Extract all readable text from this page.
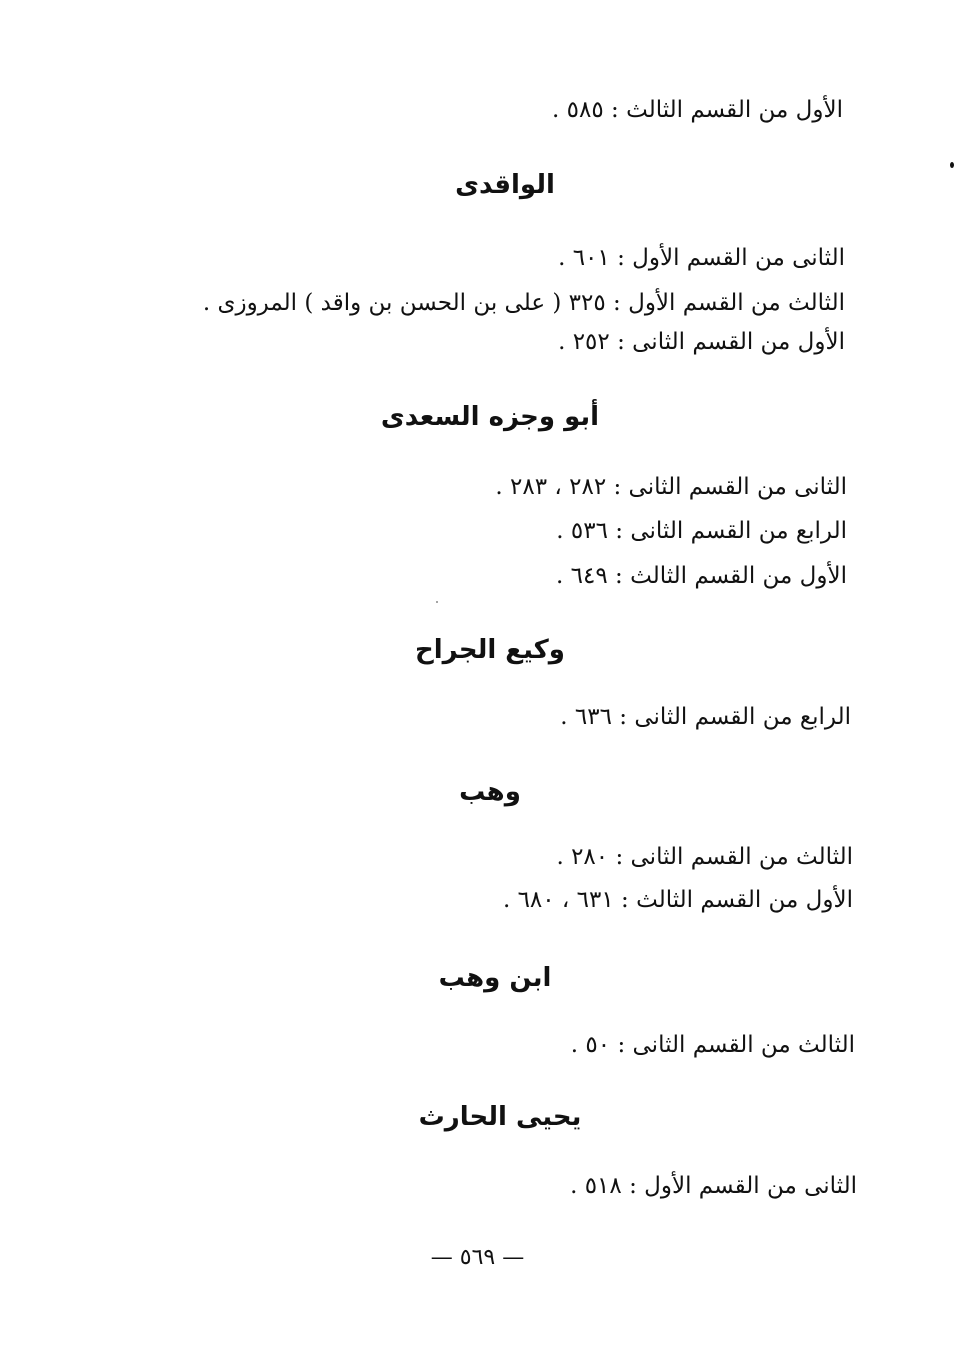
الأول من القسم الثالث : ٥٨٥ .
الواقدى
الثانى من القسم الأول : ٦٠١ .
الثالث من القسم الأول : ٣٢٥ ( على بن الحسن بن واقد ) المروزى .
الأول من القسم الثانى : ٢٥٢ .
أبو وجزه السعدى
الثانى من القسم الثانى : ٢٨٢ ، ٢٨٣ .
الرابع من القسم الثانى : ٥٣٦ .
الأول من القسم الثالث : ٦٤٩ .
وكيع الجراح
الرابع من القسم الثانى : ٦٣٦ .
وهب
الثالث من القسم الثانى : ٢٨٠ .
الأول من القسم الثالث : ٦٣١ ، ٦٨٠ .
ابن وهب
الثالث من القسم الثانى : ٥٠ .
يحيى الحارث
الثانى من القسم الأول : ٥١٨ .
— ٥٦٩ —
